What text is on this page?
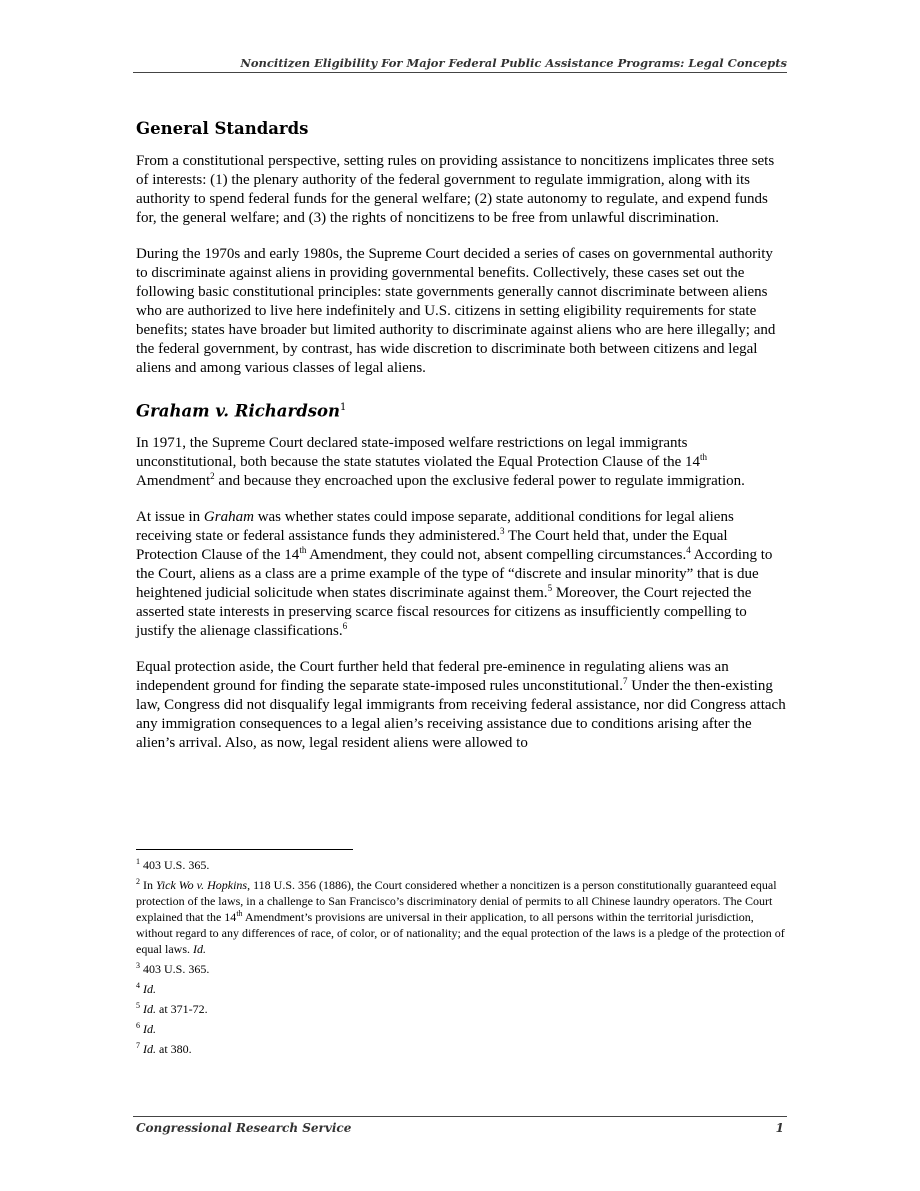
Noncitizen Eligibility For Major Federal Public Assistance Programs: Legal Concepts
General Standards

From a constitutional perspective, setting rules on providing assistance to noncitizens implicates three sets of interests: (1) the plenary authority of the federal government to regulate immigration, along with its authority to spend federal funds for the general welfare; (2) state autonomy to regulate, and expend funds for, the general welfare; and (3) the rights of noncitizens to be free from unlawful discrimination.

During the 1970s and early 1980s, the Supreme Court decided a series of cases on governmental authority to discriminate against aliens in providing governmental benefits. Collectively, these cases set out the following basic constitutional principles: state governments generally cannot discriminate between aliens who are authorized to live here indefinitely and U.S. citizens in setting eligibility requirements for state benefits; states have broader but limited authority to discriminate against aliens who are here illegally; and the federal government, by contrast, has wide discretion to discriminate both between citizens and legal aliens and among various classes of legal aliens.

Graham v. Richardson$^1$

In 1971, the Supreme Court declared state-imposed welfare restrictions on legal immigrants unconstitutional, both because the state statutes violated the Equal Protection Clause of the 14th Amendment$^2$ and because they encroached upon the exclusive federal power to regulate immigration.

At issue in Graham was whether states could impose separate, additional conditions for legal aliens receiving state or federal assistance funds they administered.$^3$ The Court held that, under the Equal Protection Clause of the 14th Amendment, they could not, absent compelling circumstances.$^4$ According to the Court, aliens as a class are a prime example of the type of “discrete and insular minority” that is due heightened judicial solicitude when states discriminate against them.$^5$ Moreover, the Court rejected the asserted state interests in preserving scarce fiscal resources for citizens as insufficiently compelling to justify the alienage classifications.$^6$

Equal protection aside, the Court further held that federal pre-eminence in regulating aliens was an independent ground for finding the separate state-imposed rules unconstitutional.$^7$ Under the then-existing law, Congress did not disqualify legal immigrants from receiving federal assistance, nor did Congress attach any immigration consequences to a legal alien’s receiving assistance due to conditions arising after the alien’s arrival. Also, as now, legal resident aliens were allowed to

$^1$ 403 U.S. 365.

$^2$ In Yick Wo v. Hopkins, 118 U.S. 356 (1886), the Court considered whether a noncitizen is a person constitutionally guaranteed equal protection of the laws, in a challenge to San Francisco’s discriminatory denial of permits to all Chinese laundry operators. The Court explained that the 14th Amendment’s provisions are universal in their application, to all persons within the territorial jurisdiction, without regard to any differences of race, of color, or of nationality; and the equal protection of the laws is a pledge of the protection of equal laws. Id.

$^3$ 403 U.S. 365.

$^4$ Id.

$^5$ Id. at 371-72.

$^6$ Id.

$^7$ Id. at 380.

Congressional Research Service	1
